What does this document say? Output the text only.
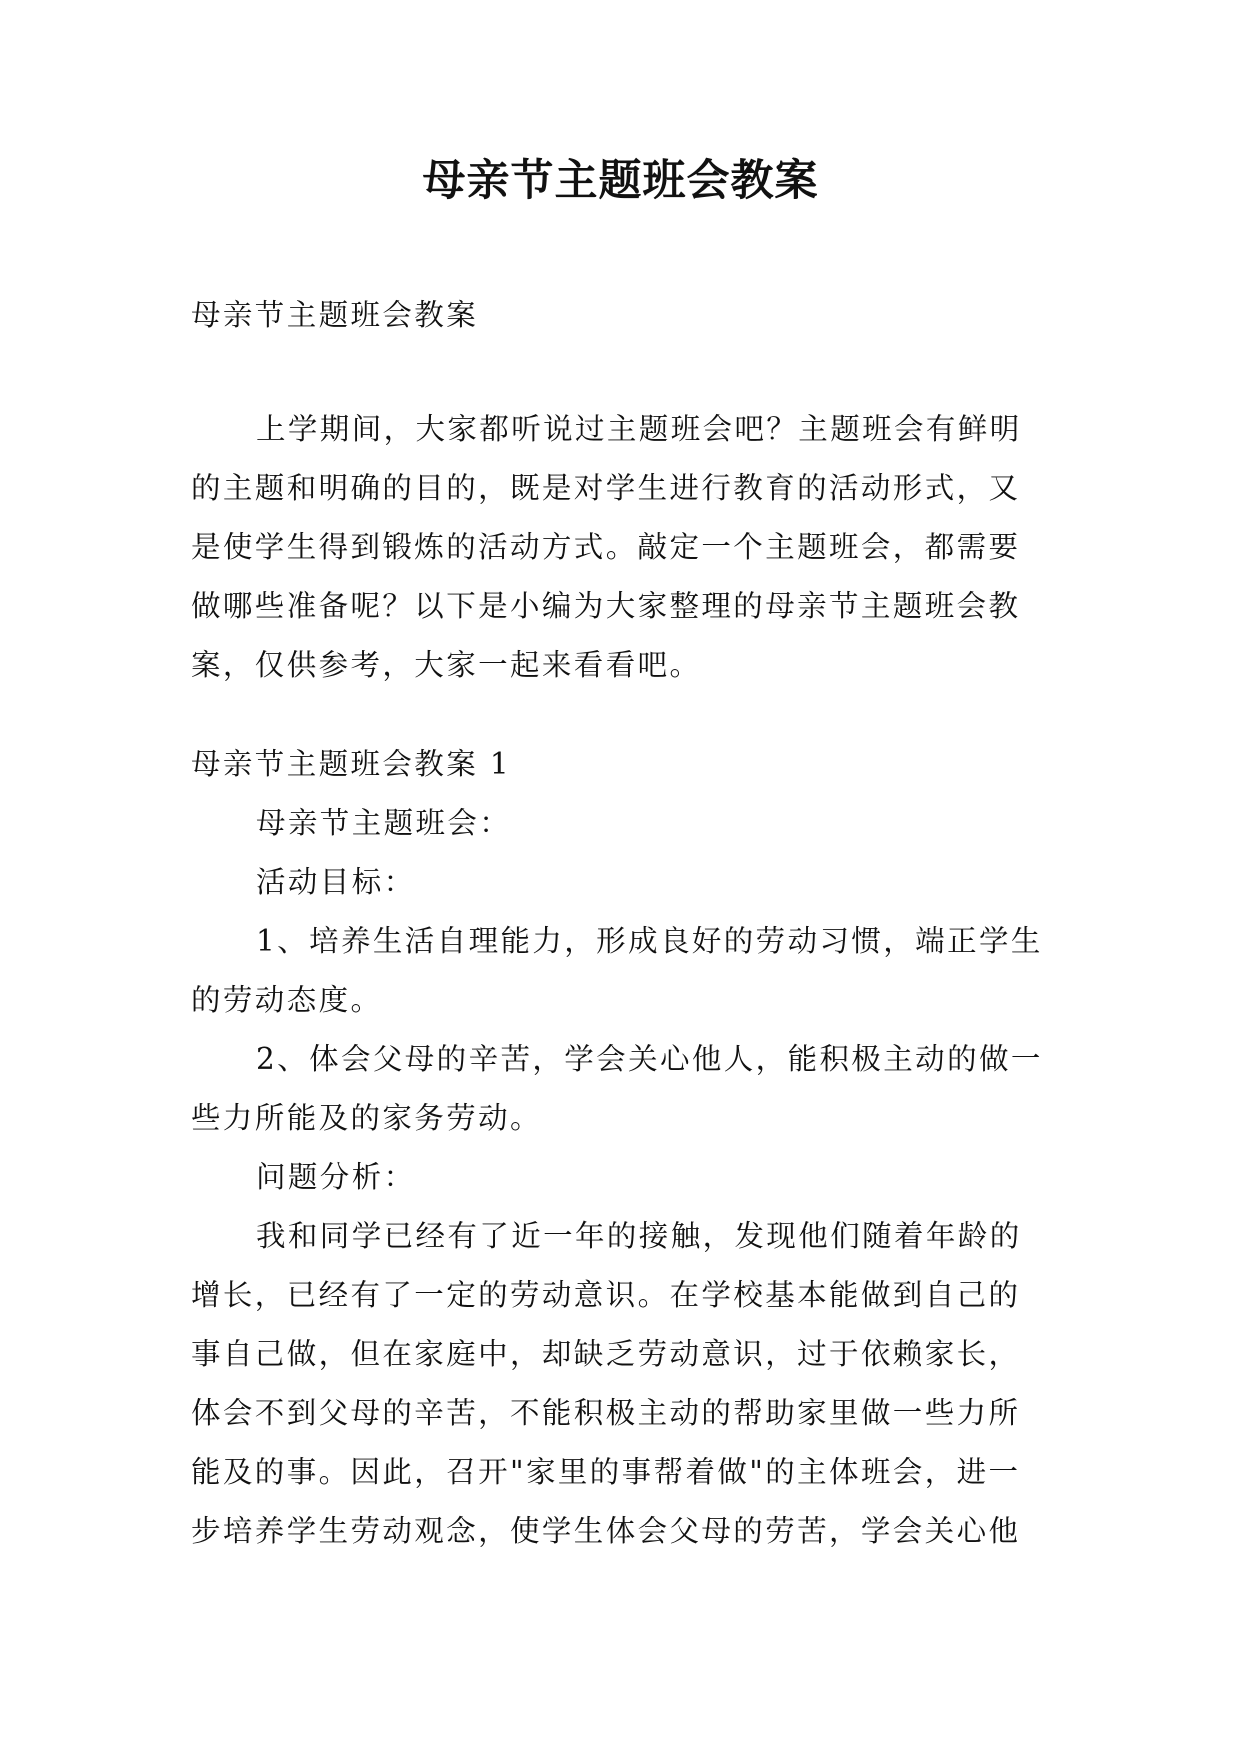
母亲节主题班会教案

母亲节主题班会教案

上学期间，大家都听说过主题班会吧？主题班会有鲜明的主题和明确的目的，既是对学生进行教育的活动形式，又是使学生得到锻炼的活动方式。敲定一个主题班会，都需要做哪些准备呢？以下是小编为大家整理的母亲节主题班会教案，仅供参考，大家一起来看看吧。

母亲节主题班会教案 1

母亲节主题班会：

活动目标：

1、培养生活自理能力，形成良好的劳动习惯，端正学生的劳动态度。

2、体会父母的辛苦，学会关心他人，能积极主动的做一些力所能及的家务劳动。

问题分析：

我和同学已经有了近一年的接触，发现他们随着年龄的增长，已经有了一定的劳动意识。在学校基本能做到自己的事自己做，但在家庭中，却缺乏劳动意识，过于依赖家长，体会不到父母的辛苦，不能积极主动的帮助家里做一些力所能及的事。因此，召开"家里的事帮着做"的主体班会，进一步培养学生劳动观念，使学生体会父母的劳苦，学会关心他
